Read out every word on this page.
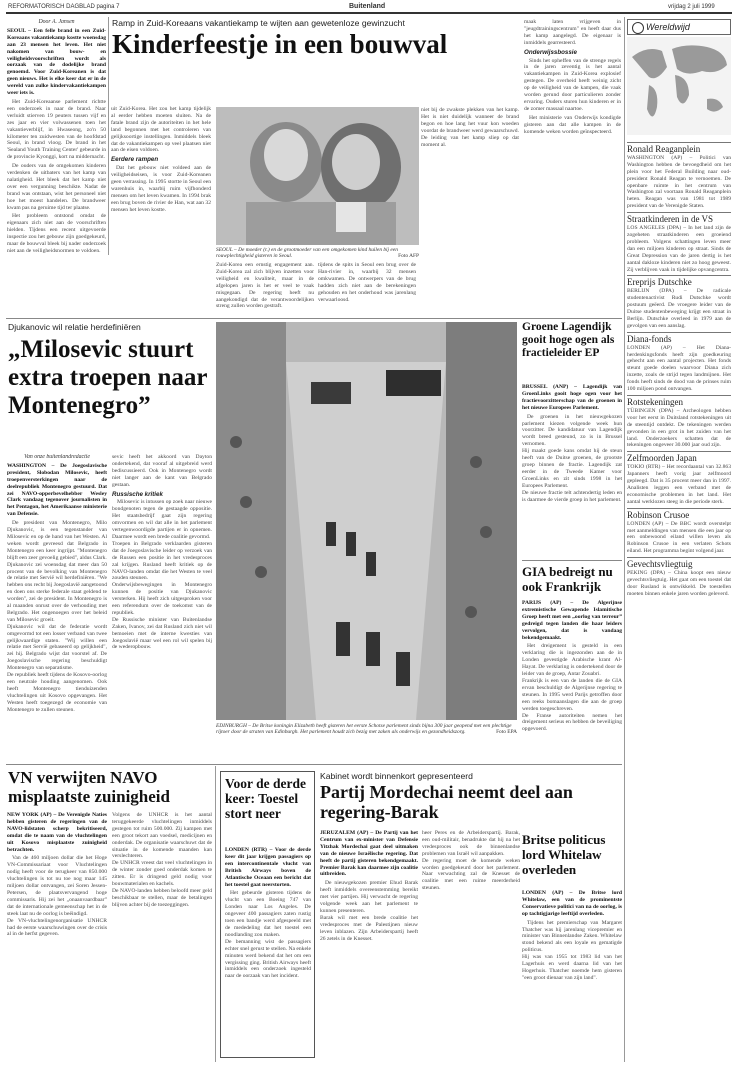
REFORMATORISCH DAGBLAD pagina 7	Buitenland	vrijdag 2 juli 1999
Door A. Jansen

SEOUL – Een felle brand in een Zuid-Koreaans vakantiekamp kostte woensdag aan 23 mensen het leven. Het niet nakomen van bouw- en veiligheidsvoorschriften wordt als oorzaak van de dodelijke brand genoemd. Voor Zuid-Koreanen is dat geen nieuws. Het is elke keer dat er in de wereld van zulke kindervakantiekampen weer iets is.

Het Zuid-Koreaanse parlement richtte een onderzoek in naar de brand. Naar verluidt stierven 19 peuters tussen vijf en zes jaar en vier volwassenen toen het vakantieverblijf, in Hwaseong, zo'n 50 kilometer ten zuidwesten van de hoofdstad Seoul, in brand vloog. De brand in het 'Sealand Youth Training Center' gebeurde in de provincie Kyonggi, kort na middernacht.

De ouders van de omgekomen kinderen verdenken de uitbaters van het kamp van nalatigheid. Het bleek dat het kamp niet over een vergunning beschikte. Nadat de brand was ontstaan, wist het personeel niet hoe het moest handelen. De brandweer kwam pas na geruime tijd ter plaatse.

Het probleem ontstond omdat de eigenaars zich niet aan de voorschriften hielden. Tijdens een recent uitgevoerde inspectie zou het gebouw zijn goedgekeurd, maar de bouwval bleek bij nader onderzoek niet aan de veiligheidsnormen te voldoen.

Ramp in Zuid-Koreaans vakantiekamp te wijten aan gewetenloze gewinzucht
Kinderfeestje in een bouwval

uit Zuid-Korea. Het zou het kamp tijdelijk al eerder hebben moeten sluiten. Na de fatale brand zijn de autoriteiten in het hele land begonnen met het controleren van gelijksoortige instellingen. Inmiddels bleek dat de vakantiekampen op veel plaatsen niet aan de eisen voldoen.

Eerdere rampen

Dat het gebouw niet voldeed aan de veiligheidseisen, is voor Zuid-Koreanen geen verrassing. In 1995 stortte in Seoul een warenhuis in, waarbij ruim vijfhonderd mensen om het leven kwamen. In 1994 brak een brug boven de rivier de Han, wat aan 32 mensen het leven kostte.

SEOUL – De moeder (r.) en de grootmoeder van een omgekomen kind huilen bij een rouwplechtigheid gisteren in Seoul.	Foto AFP

Zuid-Korea een ernstig engagement aan. Zuid-Korea zal zich blijven inzetten voor veiligheid en kwaliteit, maar in de afgelopen jaren is het er veel te vaak misgegaan. De regering heeft nu aangekondigd dat de verantwoordelijken streng zullen worden gestraft.

tijdens de spits in Seoul een brug over de Han-rivier in, waarbij 32 mensen omkwamen. De ontwerpers van de brug hadden zich niet aan de berekeningen gehouden en het onderhoud was jarenlang verwaarloosd.

niet bij de zwakste plekken van het kamp. Het is niet duidelijk wanneer de brand begon en hoe lang het vuur kon woeden voordat de brandweer werd gewaarschuwd. De leiding van het kamp sliep op dat moment al.

maak laten vrijgeven in "jeugdtrainingscentrum" en heeft daar dus het kamp aangelegd. De eigenaar is inmiddels gearresteerd.

Onderwijssbossie

Sinds het opheffen van de strenge regels in de jaren zeventig is het aantal vakantiekampen in Zuid-Korea explosief gestegen. De overheid heeft weinig zicht op de veiligheid van de kampen, die vaak worden gerund door particulieren zonder ervaring. Ouders sturen hun kinderen er in de zomer massaal naartoe.

Het ministerie van Onderwijs kondigde gisteren aan dat alle kampen in de komende weken worden geïnspecteerd.

Wereldwijd
Ronald Reaganplein

WASHINGTON (AP) – Politici van Washington hebben de bevoegdheid om het plein voor het Federal Building naar oud-president Ronald Reagan te vernoemen. De openbare ruimte in het centrum van Washington zal voortaan Ronald Reaganplein heten. Reagan was van 1981 tot 1989 president van de Verenigde Staten.

Straatkinderen in de VS

LOS ANGELES (DPA) – In het land zijn de zogeheten straatkinderen een groeiend probleem. Volgens schattingen leven meer dan een miljoen kinderen op straat. Sinds de Great Depression van de jaren dertig is het aantal dakloze kinderen niet zo hoog geweest. Zij verblijven vaak in tijdelijke opvangcentra.

Ereprijs Dutschke

BERLIJN (DPA) – De radicale studentenactivist Rudi Dutschke wordt postuum geëerd. De vroegere leider van de Duitse studentenbeweging krijgt een straat in Berlijn. Dutschke overleed in 1979 aan de gevolgen van een aanslag.

Diana-fonds

LONDEN (AP) – Het Diana-herdenkingsfonds heeft zijn goedkeuring gehecht aan een aantal projecten. Het fonds steunt goede doelen waarvoor Diana zich inzette, zoals de strijd tegen landmijnen. Het fonds heeft sinds de dood van de prinses ruim 100 miljoen pond ontvangen.

Rotstekeningen

TÜBINGEN (DPA) – Archeologen hebben voor het eerst in Duitsland rotstekeningen uit de steentijd ontdekt. De tekeningen werden gevonden in een grot in het zuiden van het land. Onderzoekers schatten dat de tekeningen ongeveer 30.000 jaar oud zijn.

Zelfmoorden Japan

TOKIO (RTR) – Het recordaantal van 32.863 Japanners heeft vorig jaar zelfmoord gepleegd. Dat is 35 procent meer dan in 1997. Analisten leggen een verband met de economische problemen in het land. Het aantal werklozen steeg in die periode sterk.

Robinson Crusoe

LONDEN (AP) – De BBC wordt overstelpt met aanmeldingen van mensen die een jaar op een onbewoond eiland willen leven als Robinson Crusoe in een verlaten Schots eiland. Het programma begint volgend jaar.

Gevechtsvliegtuig

PEKING (DPA) – China koopt een nieuw gevechtsvliegtuig. Het gaat om een toestel dat door Rusland is ontwikkeld. De toestellen moeten binnen enkele jaren worden geleverd.

Djukanovic wil relatie herdefiniëren
„Milosevic stuurt extra troepen naar Montenegro”
Van onze buitenlandredactie

WASHINGTON – De Joegoslavische president, Slobodan Milosevic, heeft troepenversterkingen naar de deelrepubliek Montenegro gestuurd. Dat zei NAVO-opperbevelhebber Wesley Clark vandaag tegenover journalisten in het Pentagon, het Amerikaanse ministerie van Defensie.

De president van Montenegro, Milo Djukanovic, is een tegenstander van Milosevic en op de hand van het Westen. Al weken wordt gevreesd dat Belgrado in Montenegro een keer ingrijpt. "Montenegro blijft een zeer gevoelig gebied", aldus Clark.
Djukanovic zei woensdag dat meer dan 50 procent van de bevolking van Montenegro de relatie met Servië wil herdefiniëren. "We hebben ons recht bij Joegoslavië aangetoond en doen ons sterke federale staat geldend te worden", zei de president. In Montenegro is al maanden onrust over de verhouding met Belgrado. Het ongenoegen over het beleid van Milosevic groeit.
Djukanovic wil dat de federatie wordt omgevormd tot een losser verband van twee gelijkwaardige staten. "Wij willen een relatie met Servië gebaseerd op gelijkheid", zei hij. Belgrado wijst dat voorstel af. De Joegoslavische regering beschuldigt Montenegro van separatisme.
De republiek heeft tijdens de Kosovo-oorlog een neutrale houding aangenomen. Ook heeft Montenegro tienduizenden vluchtelingen uit Kosovo opgevangen. Het Westen heeft toegezegd de economie van Montenegro te zullen steunen.

sevic heeft het akkoord van Dayton ondertekend, dat vooraf al uitgebreid werd bediscussieerd. Ook in Montenegro wordt niet langer aan de kant van Belgrado gestaan.

Russische kritiek

Milosevic is intussen op zoek naar nieuwe bondgenoten tegen de gestaagde oppositie. Het staatsbedrijf gaat zijn regering omvormen en wil dat alle in het parlement vertegenwoordigde partijen er in opnemen. Daarmee wordt een brede coalitie gevormd.
Troepen in Belgrado verklaarden gisteren dat de Joegoslavische leider op verzoek van de Russen een positie in het vredesproces zal krijgen. Rusland heeft kritiek op de NAVO-landen omdat die het Westen te veel zouden steunen.
Onderwijsbewegingen in Montenegro kunnen de positie van Djukanovic versterken. Hij heeft zich uitgesproken voor een referendum over de toekomst van de republiek.
De Russische minister van Buitenlandse Zaken, Ivanov, zei dat Rusland zich niet wil bemoeien met de interne kwesties van Joegoslavië maar wel een rol wil spelen bij de wederopbouw.

EDINBURGH – De Britse koningin Elizabeth heeft gisteren het eerste Schotse parlement sinds bijna 300 jaar geopend met een plechtige rijtoer door de straten van Edinburgh. Het parlement houdt zich bezig met zaken als onderwijs en gezondheidszorg.	Foto EPA
Groene Lagendijk gooit hoge ogen als fractieleider EP

BRUSSEL (ANP) – Lagendijk van GroenLinks gooit hoge ogen voor het fractievoorzitterschap van de groenen in het nieuwe Europees Parlement.

De groenen in het nieuwgekozen parlement kiezen volgende week hun voorzitter. De kandidatuur van Lagendijk wordt breed gesteund, zo is in Brussel vernomen.
Hij maakt goede kans omdat hij de steun heeft van de Duitse groenen, de grootste groep binnen de fractie. Lagendijk zat eerder in de Tweede Kamer voor GroenLinks en zit sinds 1998 in het Europees Parlement.
De nieuwe fractie telt achtendertig leden en is daarmee de vierde groep in het parlement.

GIA bedreigt nu ook Frankrijk

PARIJS (AP) – De Algerijnse extremistische Gewapende Islamitische Groep heeft met een „oorlog van terreur” gedreigd tegen landen die haar leiders vervolgen, dat is vandaag bekendgemaakt.

Het dreigement is gesteld in een verklaring die is ingezonden aan de in Londen gevestigde Arabische krant Al-Hayat. De verklaring is ondertekend door de leider van de groep, Antar Zouabri.
Frankrijk is een van de landen die de GIA ervan beschuldigt de Algerijnse regering te steunen. In 1995 werd Parijs getroffen door een reeks bomaanslagen die aan de groep werden toegeschreven.
De Franse autoriteiten nemen het dreigement serieus en hebben de beveiliging opgevoerd.

VN verwijten NAVO misplaatste zuinigheid

NEW YORK (AP) – De Verenigde Naties hebben gisteren de regeringen van de NAVO-lidstaten scherp bekritiseerd, omdat die te naam van de vluchtelingen uit Kosovo misplaatste zuinigheid betrachten.

Van de 460 miljoen dollar die het Hoge VN-Commissariaat voor Vluchtelingen nodig heeft voor de terugkeer van 850.000 vluchtelingen is tot nu toe nog maar 145 miljoen dollar ontvangen, zei Soren Jessen-Petersen, de plaatsvervangend hoge commissaris. Hij zei het „onaanvaardbaar” dat de internationale gemeenschap het in de steek laat nu de oorlog is beëindigd.
De VN-vluchtelingenorganisatie UNHCR had de eerste waarschuwingen over de crisis al in de herfst gegeven.

Volgens de UNHCR is het aantal teruggekeerde vluchtelingen inmiddels gestegen tot ruim 500.000. Zij kampen met een groot tekort aan voedsel, medicijnen en onderdak. De organisatie waarschuwt dat de situatie in de komende maanden kan verslechteren.
De UNHCR vreest dat veel vluchtelingen in de winter zonder goed onderdak komen te zitten. Er is dringend geld nodig voor bouwmaterialen en kachels.
De NAVO-landen hebben beloofd meer geld beschikbaar te stellen, maar de betalingen blijven achter bij de toezeggingen.

Voor de derde keer: Toestel stort neer

LONDEN (RTR) – Voor de derde keer dit jaar krijgen passagiers op een intercontinentale vlucht van British Airways boven de Atlantische Oceaan een bericht dat het toestel gaat neerstorten.

Het gebeurde gisteren tijdens de vlucht van een Boeing 747 van Londen naar Los Angeles. De ongeveer 400 passagiers zaten rustig toen een bandje werd afgespeeld met de mededeling dat het toestel een noodlanding zou maken.
De bemanning wist de passagiers echter snel gerust te stellen. Na enkele minuten werd bekend dat het om een vergissing ging. British Airways heeft inmiddels een onderzoek ingesteld naar de oorzaak van het incident.

Kabinet wordt binnenkort gepresenteerd
Partij Mordechai neemt deel aan regering-Barak

JERUZALEM (AP) – De Partij van het Centrum van ex-minister van Defensie Yitzhak Mordechai gaat deel uitmaken van de nieuwe Israëlische regering. Dat heeft de partij gisteren bekendgemaakt. Premier Barak kan daarmee zijn coalitie uitbreiden.

De nieuwgekozen premier Ehud Barak heeft inmiddels overeenstemming bereikt met vier partijen. Hij verwacht de regering volgende week aan het parlement te kunnen presenteren.
Barak wil met een brede coalitie het vredesproces met de Palestijnen nieuw leven inblazen. Zijn Arbeiderspartij heeft 26 zetels in de Knesset.

heer Peres en de Arbeiderspartij. Barak, een oud-militair, benadrukte dat hij na het vredesproces ook de binnenlandse problemen van Israël wil aanpakken.
De regering moet de komende weken worden goedgekeurd door het parlement. Naar verwachting zal de Knesset de coalitie met een ruime meerderheid steunen.

Britse politicus lord Whitelaw overleden

LONDEN (AP) – De Britse lord Whitelaw, een van de prominentste Conservatieve politici van na de oorlog, is op tachtigjarige leeftijd overleden.

Tijdens het premierschap van Margaret Thatcher was hij jarenlang vicepremier en minister van Binnenlandse Zaken. Whitelaw stond bekend als een loyale en gematigde politicus.
Hij was van 1955 tot 1983 lid van het Lagerhuis en werd daarna lid van het Hogerhuis. Thatcher noemde hem gisteren "een groot dienaar van zijn land".
